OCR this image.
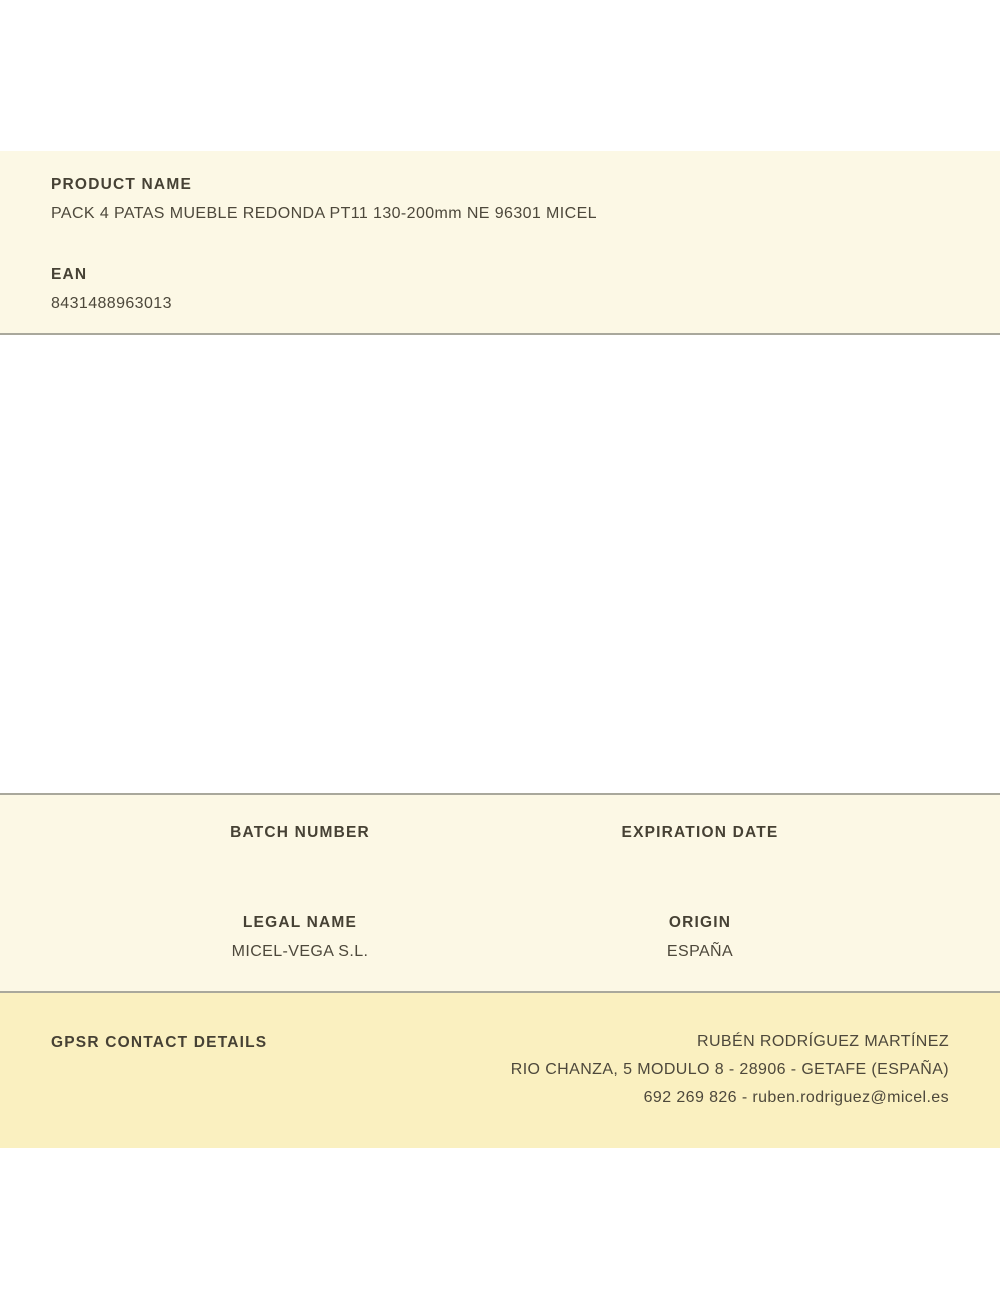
PRODUCT NAME
PACK 4 PATAS MUEBLE REDONDA PT11 130-200mm NE 96301 MICEL
EAN
8431488963013
BATCH NUMBER	EXPIRATION DATE
LEGAL NAME
MICEL-VEGA S.L.
ORIGIN
ESPAÑA
GPSR CONTACT DETAILS	RUBÉN RODRÍGUEZ MARTÍNEZ
RIO CHANZA, 5 MODULO 8 - 28906 - GETAFE (ESPAÑA)
692 269 826 - ruben.rodriguez@micel.es
